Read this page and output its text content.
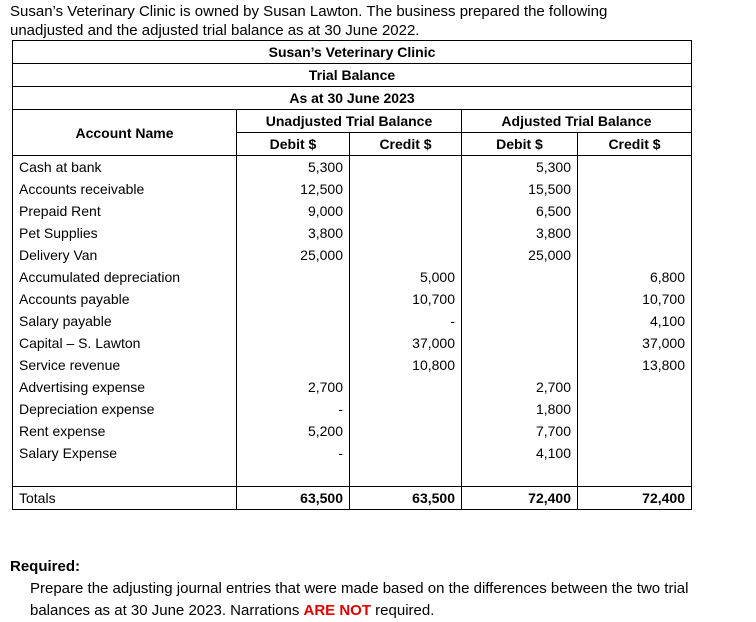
Susan’s Veterinary Clinic is owned by Susan Lawton. The business prepared the following
unadjusted and the adjusted trial balance as at 30 June 2022.
Susan’s Veterinary Clinic				
Trial Balance				
As at 30 June 2023				
Account Name	Unadjusted Trial Balance		Adjusted Trial Balance	
	Debit $	Credit $	Debit $	Credit $
Cash at bank	5,300		5,300	
Accounts receivable	12,500		15,500	
Prepaid Rent	9,000		6,500	
Pet Supplies	3,800		3,800	
Delivery Van	25,000		25,000	
Accumulated depreciation		5,000		6,800
Accounts payable		10,700		10,700
Salary payable		-		4,100
Capital – S. Lawton		37,000		37,000
Service revenue		10,800		13,800
Advertising expense	2,700		2,700	
Depreciation expense	-		1,800	
Rent expense	5,200		7,700	
Salary Expense	-		4,100	

Totals	63,500	63,500	72,400	72,400

Required:

Prepare the adjusting journal entries that were made based on the differences between the two trial balances as at 30 June 2023. Narrations ARE NOT required.
